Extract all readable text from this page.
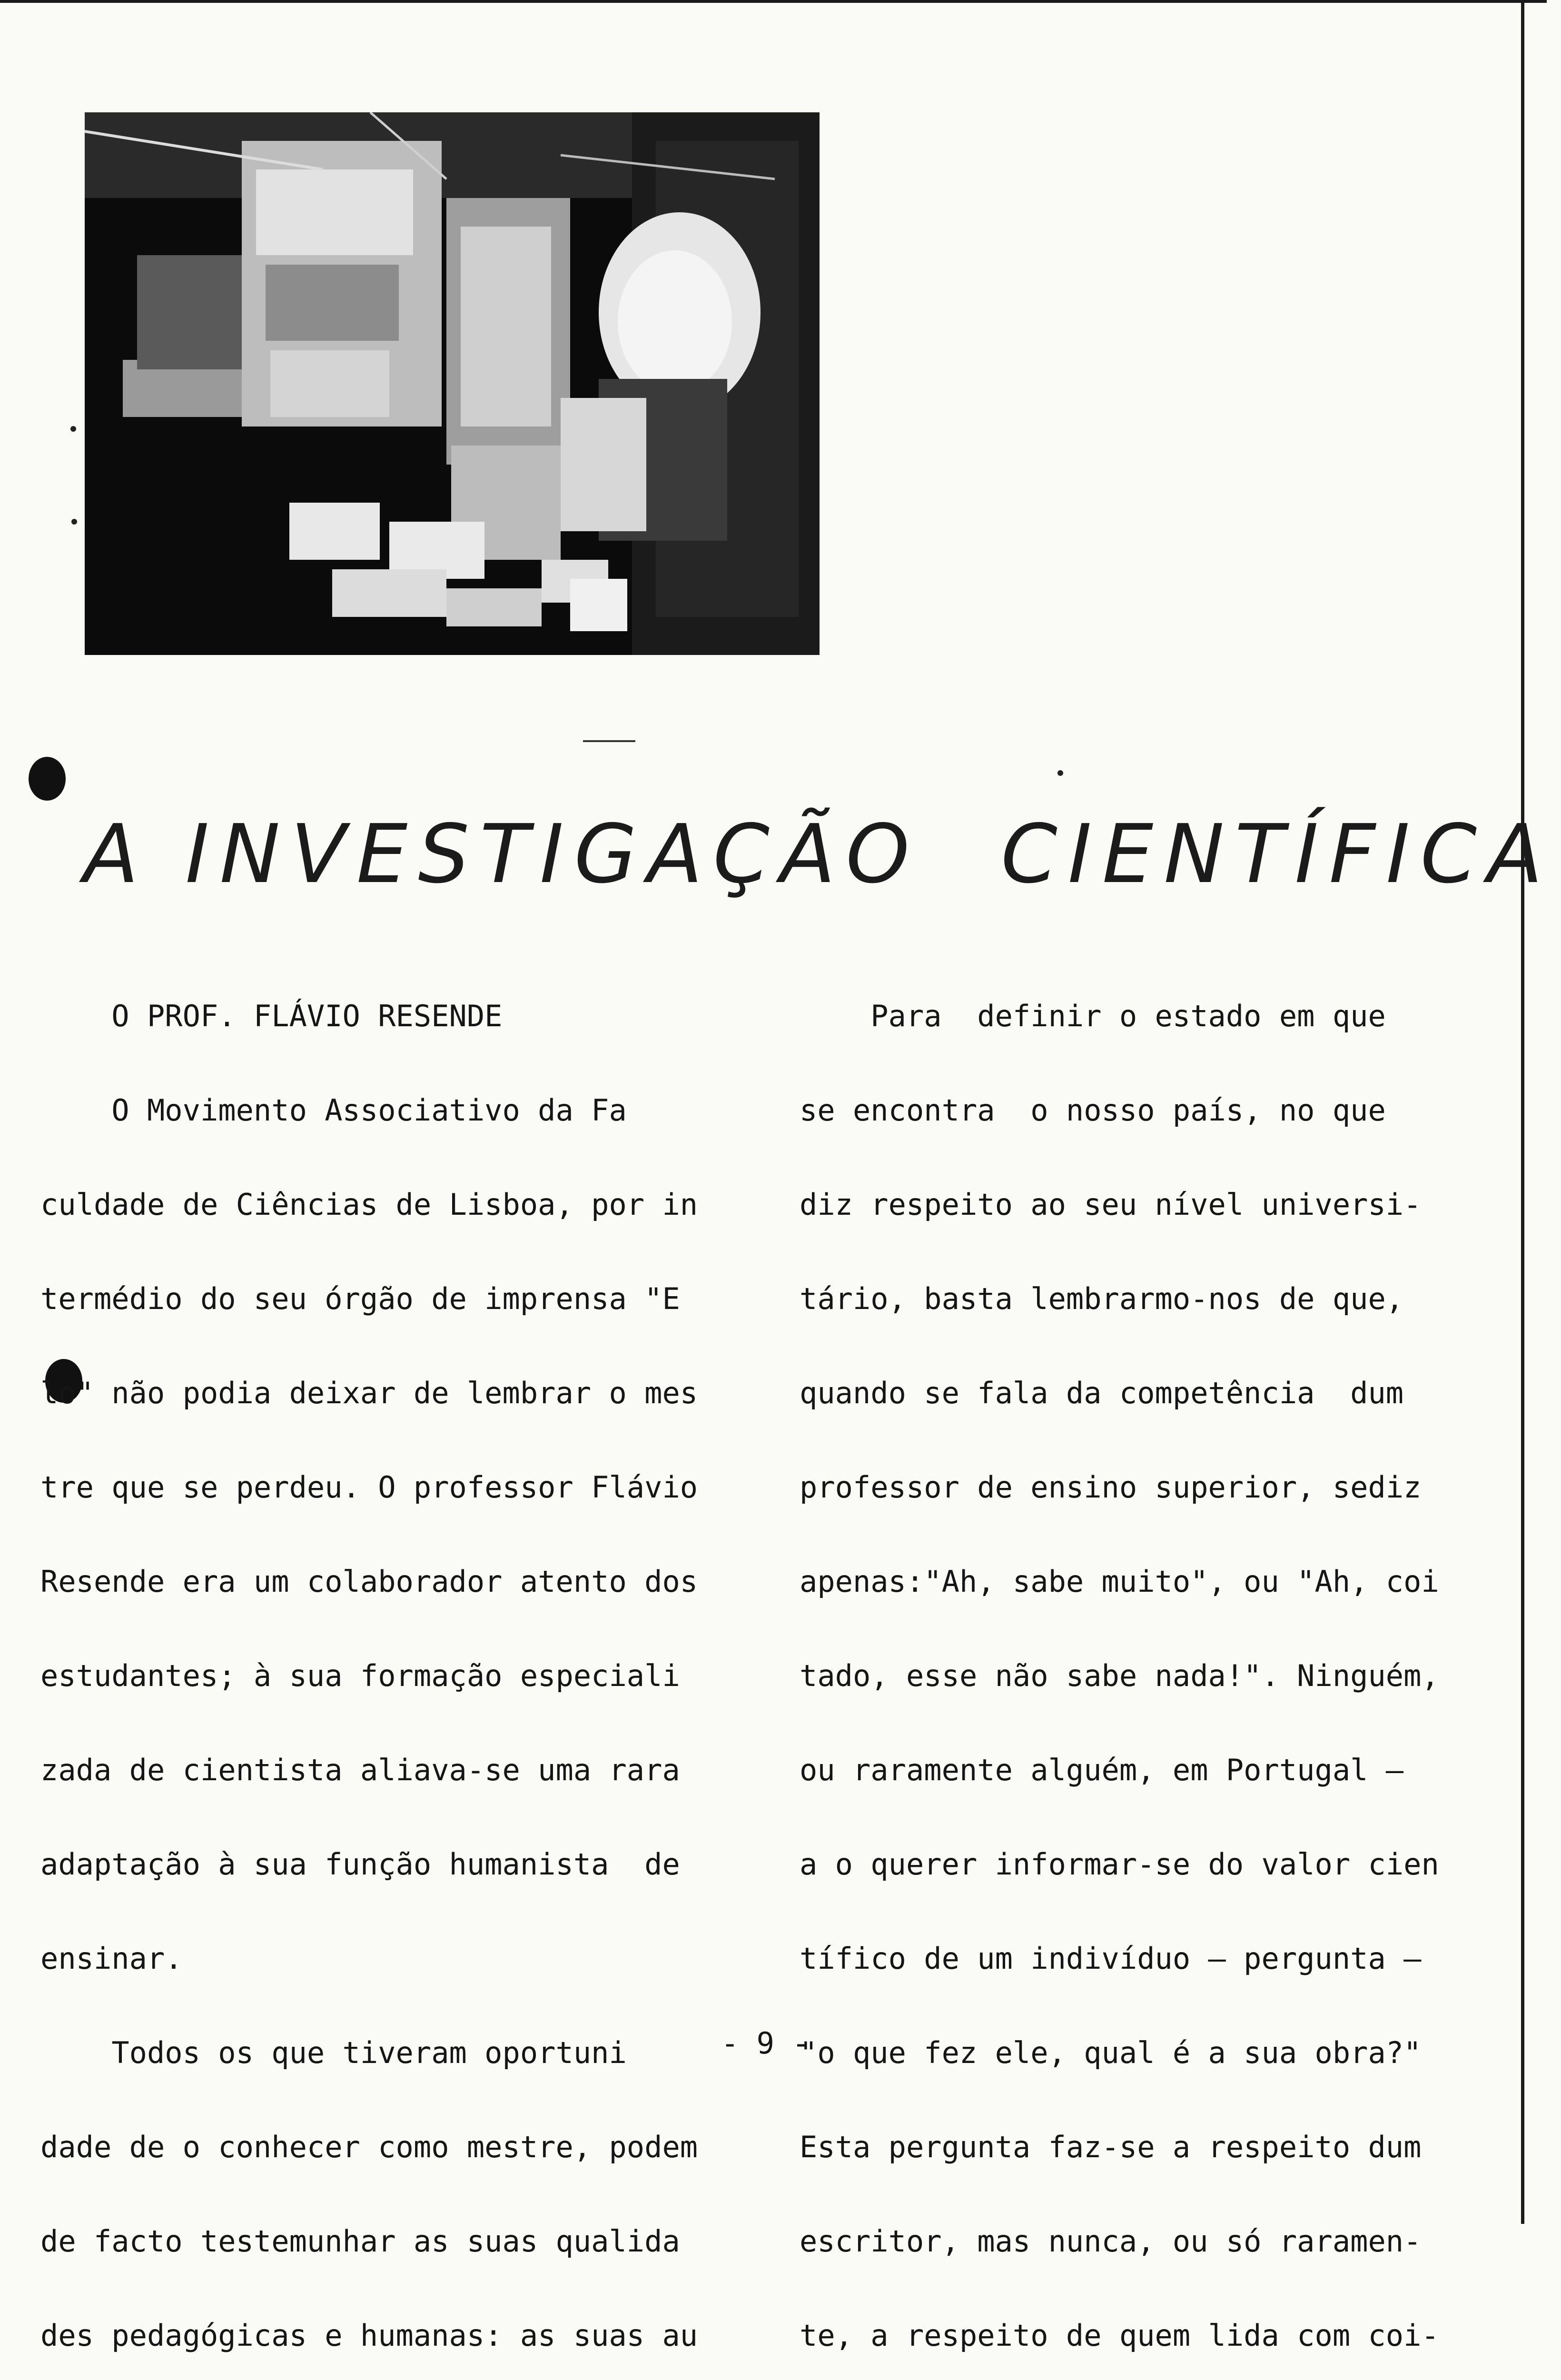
A INVESTIGAÇÃO CIENTÍFICA

O PROF. FLÁVIO RESENDE

O Movimento Associativo da Fa

culdade de Ciências de Lisboa, por in

termédio do seu órgão de imprensa "E

lo" não podia deixar de lembrar o mes

tre que se perdeu. O professor Flávio

Resende era um colaborador atento dos

estudantes; à sua formação especiali

zada de cientista aliava-se uma rara

adaptação à sua função humanista  de

ensinar.

Todos os que tiveram oportuni

dade de o conhecer como mestre, podem

de facto testemunhar as suas qualida

des pedagógicas e humanas: as suas au

Para  definir o estado em que

se encontra  o nosso país, no que

diz respeito ao seu nível universi-

tário, basta lembrarmo-nos de que,

quando se fala da competência  dum

professor de ensino superior, sediz

apenas:"Ah, sabe muito", ou "Ah, coi

tado, esse não sabe nada!". Ninguém,

ou raramente alguém, em Portugal —

a o querer informar-se do valor cien

tífico de um indivíduo — pergunta —

"o que fez ele, qual é a sua obra?"

Esta pergunta faz-se a respeito dum

escritor, mas nunca, ou só raramen-

te, a respeito de quem lida com coi-

- 9 -
